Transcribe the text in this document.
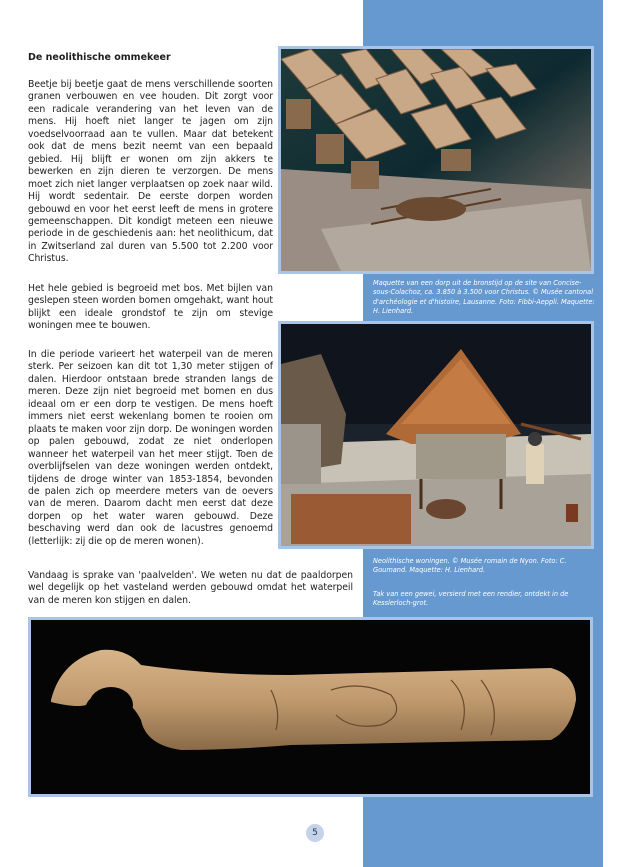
De neolithische ommekeer

Beetje bij beetje gaat de mens verschillende soorten granen verbouwen en vee houden. Dit zorgt voor een radicale verandering van het leven van de mens. Hij hoeft niet langer te jagen om zijn voedselvoorraad aan te vullen. Maar dat betekent ook dat de mens bezit neemt van een bepaald gebied. Hij blijft er wonen om zijn akkers te bewerken en zijn dieren te verzorgen. De mens moet zich niet langer verplaatsen op zoek naar wild. Hij wordt sedentair. De eerste dorpen worden gebouwd en voor het eerst leeft de mens in grotere gemeenschappen. Dit kondigt meteen een nieuwe periode in de geschiedenis aan: het neolithicum, dat in Zwitserland zal duren van 5.500 tot 2.200 voor Christus.

Het hele gebied is begroeid met bos. Met bijlen van geslepen steen worden bomen omgehakt, want hout blijkt een ideale grondstof te zijn om stevige woningen mee te bouwen.

In die periode varieert het waterpeil van de meren sterk. Per seizoen kan dit tot 1,30 meter stijgen of dalen. Hierdoor ontstaan brede stranden langs de meren. Deze zijn niet begroeid met bomen en dus ideaal om er een dorp te vestigen. De mens hoeft immers niet eerst wekenlang bomen te rooien om plaats te maken voor zijn dorp. De woningen worden op palen gebouwd, zodat ze niet onderlopen wanneer het waterpeil van het meer stijgt. Toen de overblijfselen van deze woningen werden ontdekt, tijdens de droge winter van 1853-1854, bevonden de palen zich op meerdere meters van de oevers van de meren. Daarom dacht men eerst dat deze dorpen op het water waren gebouwd. Deze beschaving werd dan ook de lacustres genoemd (letterlijk: zij die op de meren wonen).

Vandaag is sprake van 'paalvelden'. We weten nu dat de paaldorpen wel degelijk op het vasteland werden gebouwd omdat het waterpeil van de meren kon stijgen en dalen.

Maquette van een dorp uit de bronstijd op de site van Concise-sous-Colachoz, ca. 3.850 à 3.500 voor Christus. © Musée cantonal d'archéologie et d'histoire, Lausanne. Foto: Fibbi-Aeppli. Maquette: H. Lienhard.

Neolithische woningen. © Musée romain de Nyon. Foto: C. Goumand. Maquette: H. Lienhard.

Tak van een gewei, versierd met een rendier, ontdekt in de Kesslerloch-grot.

5
